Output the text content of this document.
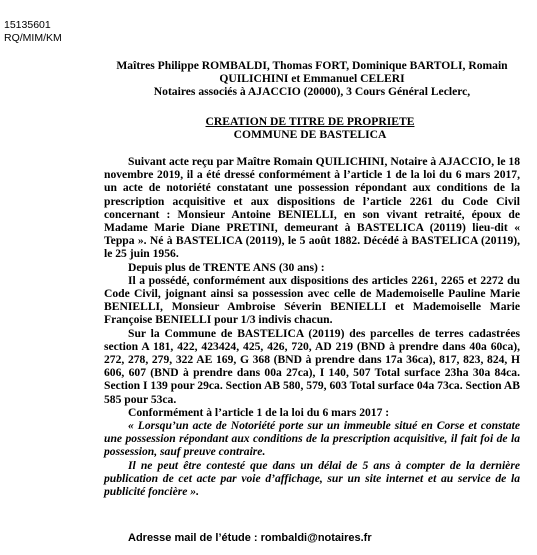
15135601
RQ/MIM/KM
Maîtres Philippe ROMBALDI, Thomas FORT, Dominique BARTOLI, Romain
QUILICHINI et Emmanuel CELERI
Notaires associés à AJACCIO (20000), 3 Cours Général Leclerc,
CREATION DE TITRE DE PROPRIETE
COMMUNE DE BASTELICA

Suivant acte reçu par Maître Romain QUILICHINI, Notaire à AJACCIO, le 18 novembre 2019, il a été dressé conformément à l’article 1 de la loi du 6 mars 2017, un acte de notoriété constatant une possession répondant aux conditions de la prescription acquisitive et aux dispositions de l’article 2261 du Code Civil concernant : Monsieur Antoine BENIELLI, en son vivant retraité, époux de Madame Marie Diane PRETINI, demeurant à BASTELICA (20119) lieu-dit « Teppa ». Né à BASTELICA (20119), le 5 août 1882. Décédé à BASTELICA (20119), le 25 juin 1956.

Depuis plus de TRENTE ANS (30 ans) :

Il a possédé, conformément aux dispositions des articles 2261, 2265 et 2272 du Code Civil, joignant ainsi sa possession avec celle de Mademoiselle Pauline Marie BENIELLI, Monsieur Ambroise Séverin BENIELLI et Mademoiselle Marie Françoise BENIELLI pour 1/3 indivis chacun.

Sur la Commune de BASTELICA (20119) des parcelles de terres cadastrées section A 181, 422, 423424, 425, 426, 720, AD 219 (BND à prendre dans 40a 60ca), 272, 278, 279, 322 AE 169, G 368 (BND à prendre dans 17a 36ca), 817, 823, 824, H 606, 607 (BND à prendre dans 00a 27ca), I 140, 507 Total surface 23ha 30a 84ca. Section I 139 pour 29ca. Section AB 580, 579, 603 Total surface 04a 73ca. Section AB 585 pour 53ca.

Conformément à l’article 1 de la loi du 6 mars 2017 :

« Lorsqu’un acte de Notoriété porte sur un immeuble situé en Corse et constate une possession répondant aux conditions de la prescription acquisitive, il fait foi de la possession, sauf preuve contraire.

Il ne peut être contesté que dans un délai de 5 ans à compter de la dernière publication de cet acte par voie d’affichage, sur un site internet et au service de la publicité foncière ».

Adresse mail de l’étude : rombaldi@notaires.fr
